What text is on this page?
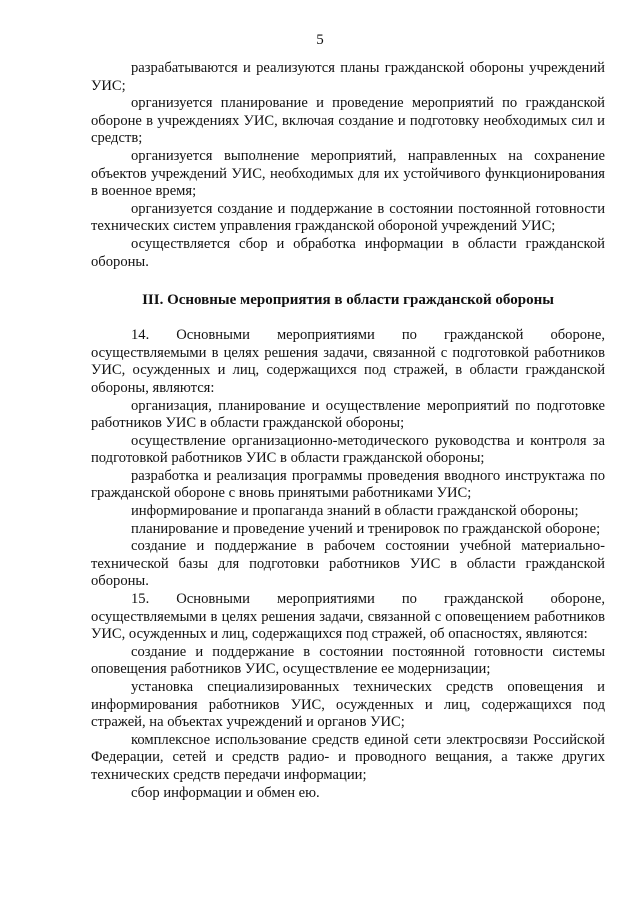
5

разрабатываются и реализуются планы гражданской обороны учреждений УИС;

организуется планирование и проведение мероприятий по гражданской обороне в учреждениях УИС, включая создание и подготовку необходимых сил и средств;

организуется выполнение мероприятий, направленных на сохранение объектов учреждений УИС, необходимых для их устойчивого функционирования в военное время;

организуется создание и поддержание в состоянии постоянной готовности технических систем управления гражданской обороной учреждений УИС;

осуществляется сбор и обработка информации в области гражданской обороны.

III. Основные мероприятия в области гражданской обороны

14. Основными мероприятиями по гражданской обороне, осуществляемыми в целях решения задачи, связанной с подготовкой работников УИС, осужденных и лиц, содержащихся под стражей, в области гражданской обороны, являются:

организация, планирование и осуществление мероприятий по подготовке работников УИС в области гражданской обороны;

осуществление организационно-методического руководства и контроля за подготовкой работников УИС в области гражданской обороны;

разработка и реализация программы проведения вводного инструктажа по гражданской обороне с вновь принятыми работниками УИС;

информирование и пропаганда знаний в области гражданской обороны;

планирование и проведение учений и тренировок по гражданской обороне;

создание и поддержание в рабочем состоянии учебной материально-технической базы для подготовки работников УИС в области гражданской обороны.

15. Основными мероприятиями по гражданской обороне, осуществляемыми в целях решения задачи, связанной с оповещением работников УИС, осужденных и лиц, содержащихся под стражей, об опасностях, являются:

создание и поддержание в состоянии постоянной готовности системы оповещения работников УИС, осуществление ее модернизации;

установка специализированных технических средств оповещения и информирования работников УИС, осужденных и лиц, содержащихся под стражей, на объектах учреждений и органов УИС;

комплексное использование средств единой сети электросвязи Российской Федерации, сетей и средств радио- и проводного вещания, а также других технических средств передачи информации;

сбор информации и обмен ею.
